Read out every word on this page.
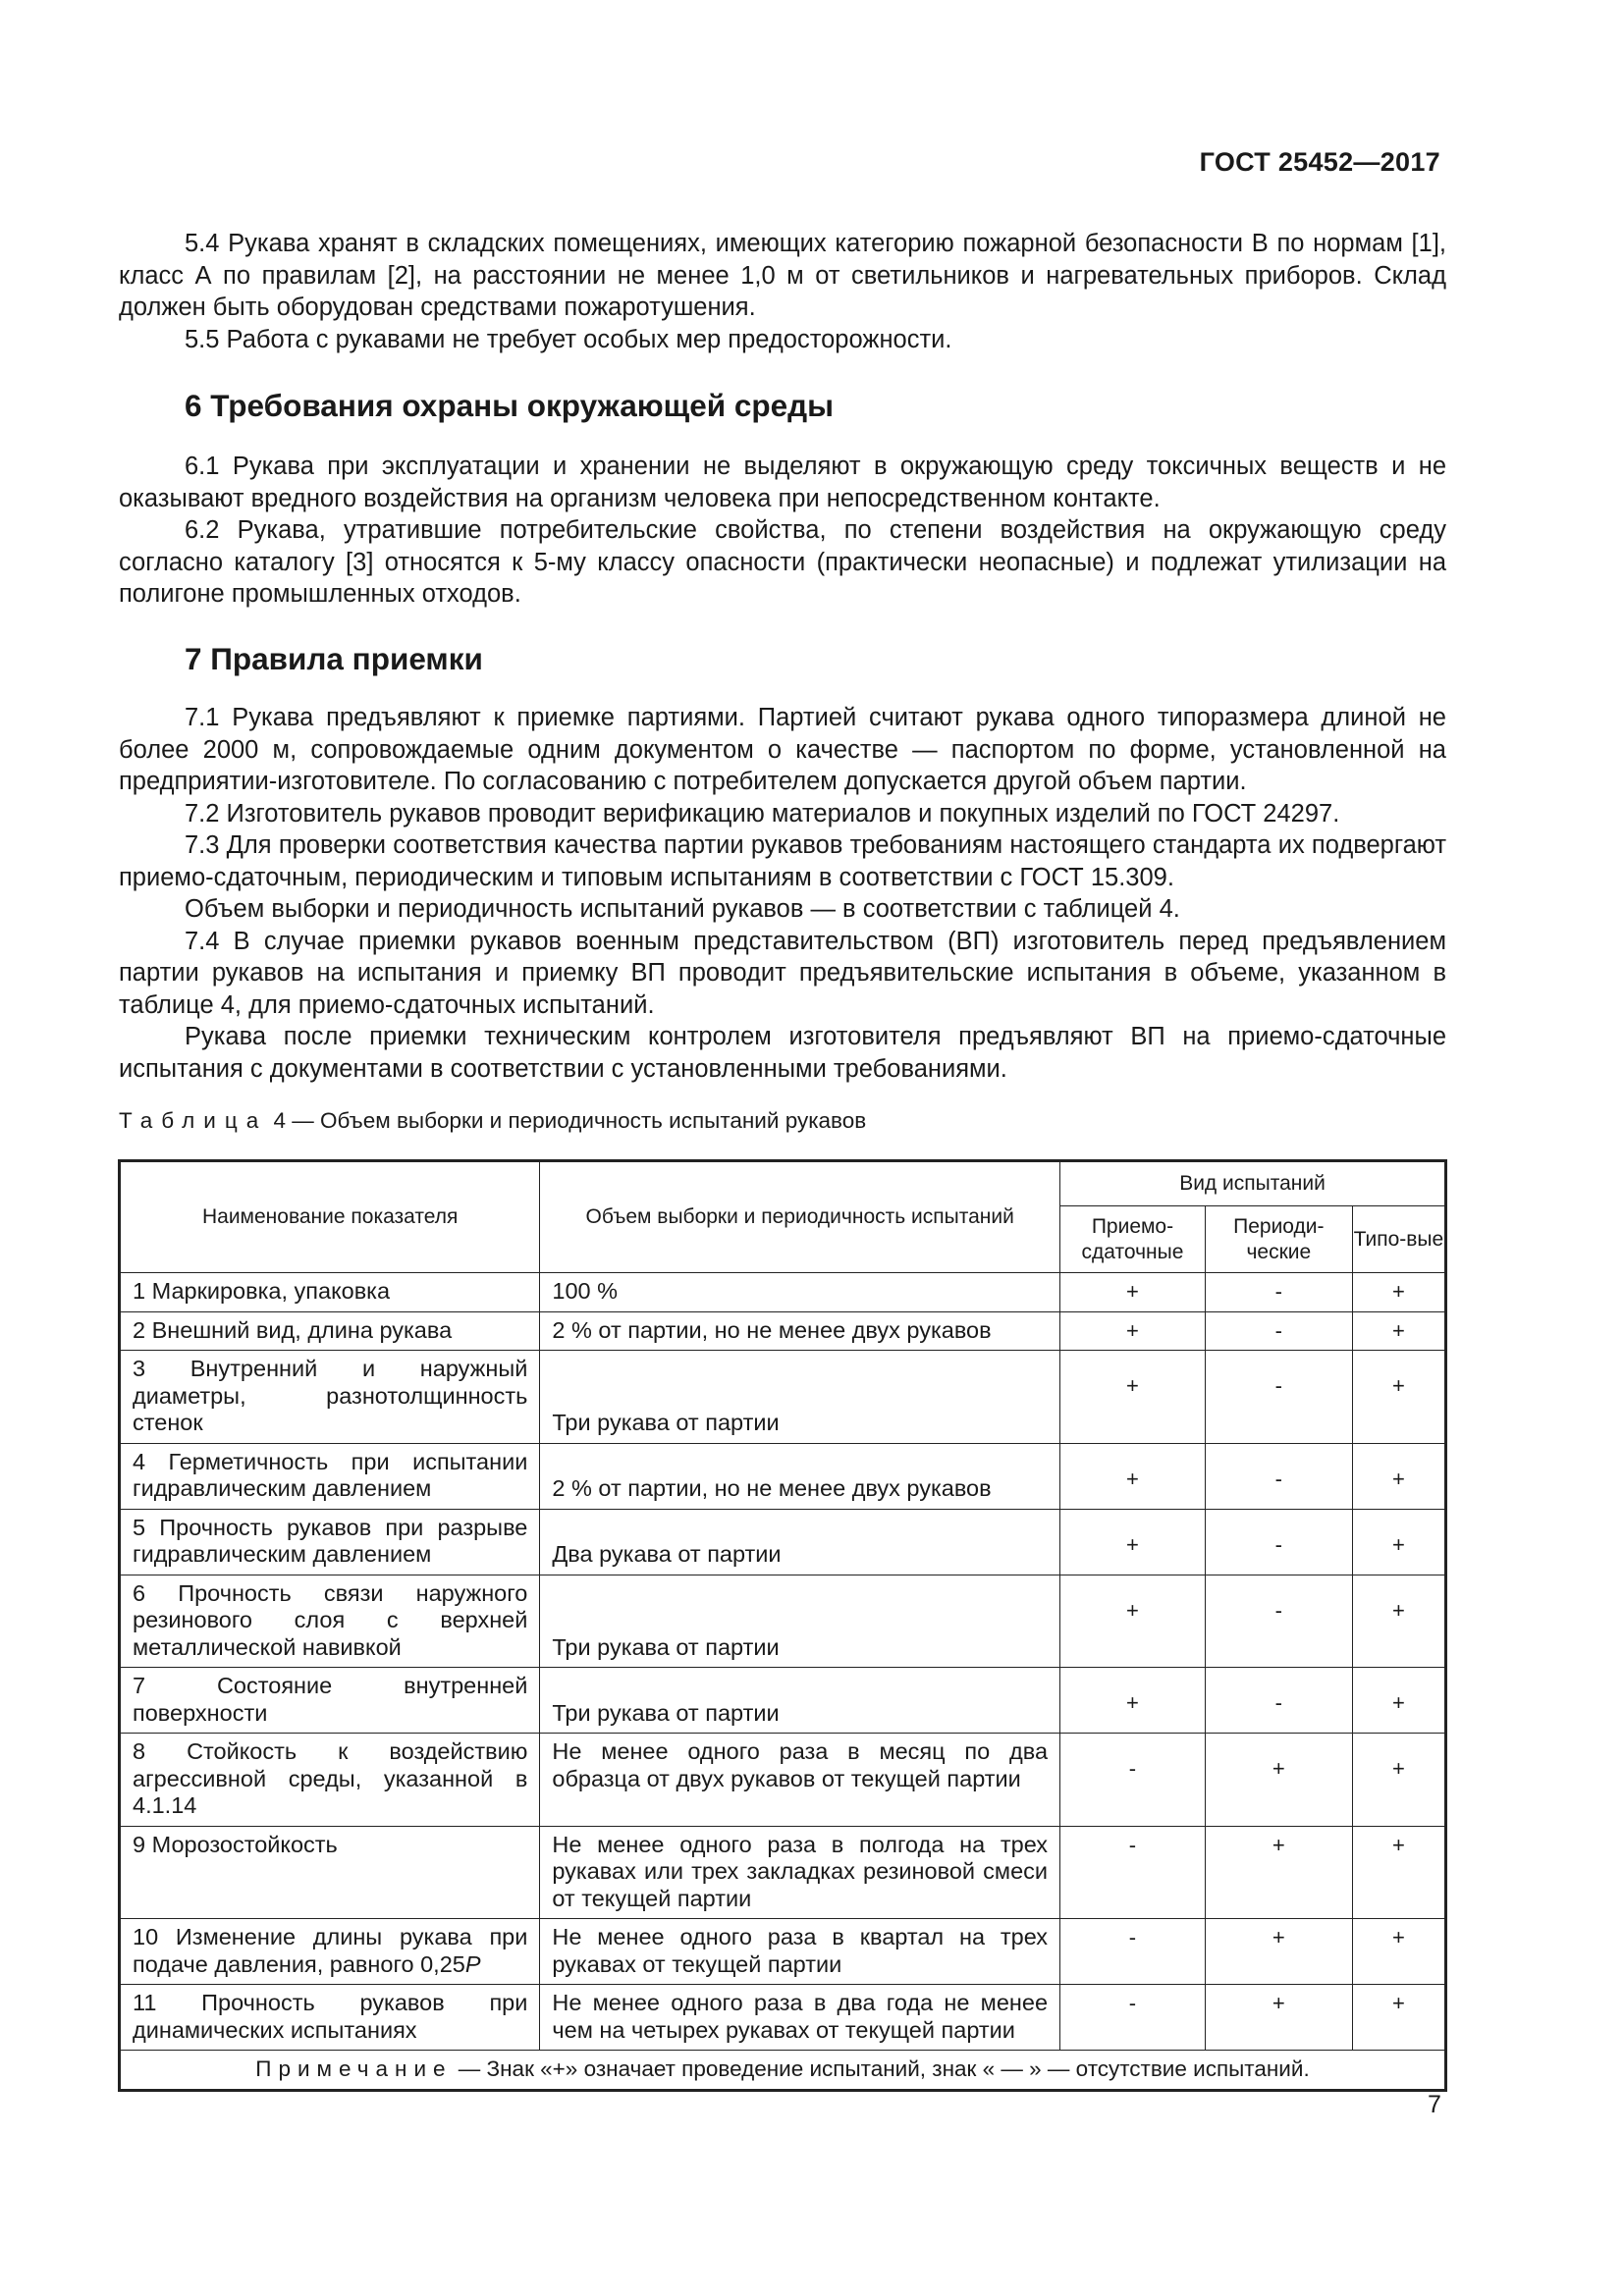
ГОСТ 25452—2017

5.4 Рукава хранят в складских помещениях, имеющих категорию пожарной безопасности В по нормам [1], класс А по правилам [2], на расстоянии не менее 1,0 м от светильников и нагревательных приборов. Склад должен быть оборудован средствами пожаротушения.

5.5 Работа с рукавами не требует особых мер предосторожности.

6 Требования охраны окружающей среды

6.1 Рукава при эксплуатации и хранении не выделяют в окружающую среду токсичных веществ и не оказывают вредного воздействия на организм человека при непосредственном контакте.

6.2 Рукава, утратившие потребительские свойства, по степени воздействия на окружающую среду согласно каталогу [3] относятся к 5-му классу опасности (практически неопасные) и подлежат утилизации на полигоне промышленных отходов.

7 Правила приемки

7.1 Рукава предъявляют к приемке партиями. Партией считают рукава одного типоразмера длиной не более 2000 м, сопровождаемые одним документом о качестве — паспортом по форме, установленной на предприятии-изготовителе. По согласованию с потребителем допускается другой объем партии.

7.2 Изготовитель рукавов проводит верификацию материалов и покупных изделий по ГОСТ 24297.

7.3 Для проверки соответствия качества партии рукавов требованиям настоящего стандарта их подвергают приемо-сдаточным, периодическим и типовым испытаниям в соответствии с ГОСТ 15.309.

Объем выборки и периодичность испытаний рукавов — в соответствии с таблицей 4.

7.4 В случае приемки рукавов военным представительством (ВП) изготовитель перед предъявлением партии рукавов на испытания и приемку ВП проводит предъявительские испытания в объеме, указанном в таблице 4, для приемо-сдаточных испытаний.

Рукава после приемки техническим контролем изготовителя предъявляют ВП на приемо-сдаточные испытания с документами в соответствии с установленными требованиями.

Таблица 4 — Объем выборки и периодичность испытаний рукавов
Наименование показателя	Объем выборки и периодичность испытаний	Вид испытаний		
		Приемо-сдаточные	Периоди-ческие	Типо-вые
1 Маркировка, упаковка	100 %	+	-	+
2 Внешний вид, длина рукава	2 % от партии, но не менее двух рукавов	+	-	+
3 Внутренний и наружный диаметры, разнотолщинность стенок	Три рукава от партии	+	-	+
4 Герметичность при испытании гидравлическим давлением	2 % от партии, но не менее двух рукавов	+	-	+
5 Прочность рукавов при разрыве гидравлическим давлением	Два рукава от партии	+	-	+
6 Прочность связи наружного резинового слоя с верхней металлической навивкой	Три рукава от партии	+	-	+
7 Состояние внутренней поверхности	Три рукава от партии	+	-	+
8 Стойкость к воздействию агрессивной среды, указанной в 4.1.14	Не менее одного раза в месяц по два образца от двух рукавов от текущей партии	-	+	+
9 Морозостойкость	Не менее одного раза в полгода на трех рукавах или трех закладках резиновой смеси от текущей партии	-	+	+
10 Изменение длины рукава при подаче давления, равного 0,25P	Не менее одного раза в квартал на трех рукавах от текущей партии	-	+	+
11 Прочность рукавов при динамических испытаниях	Не менее одного раза в два года не менее чем на четырех рукавах от текущей партии	-	+	+
Примечание — Знак «+» означает проведение испытаний, знак « — » — отсутствие испытаний.				
7
